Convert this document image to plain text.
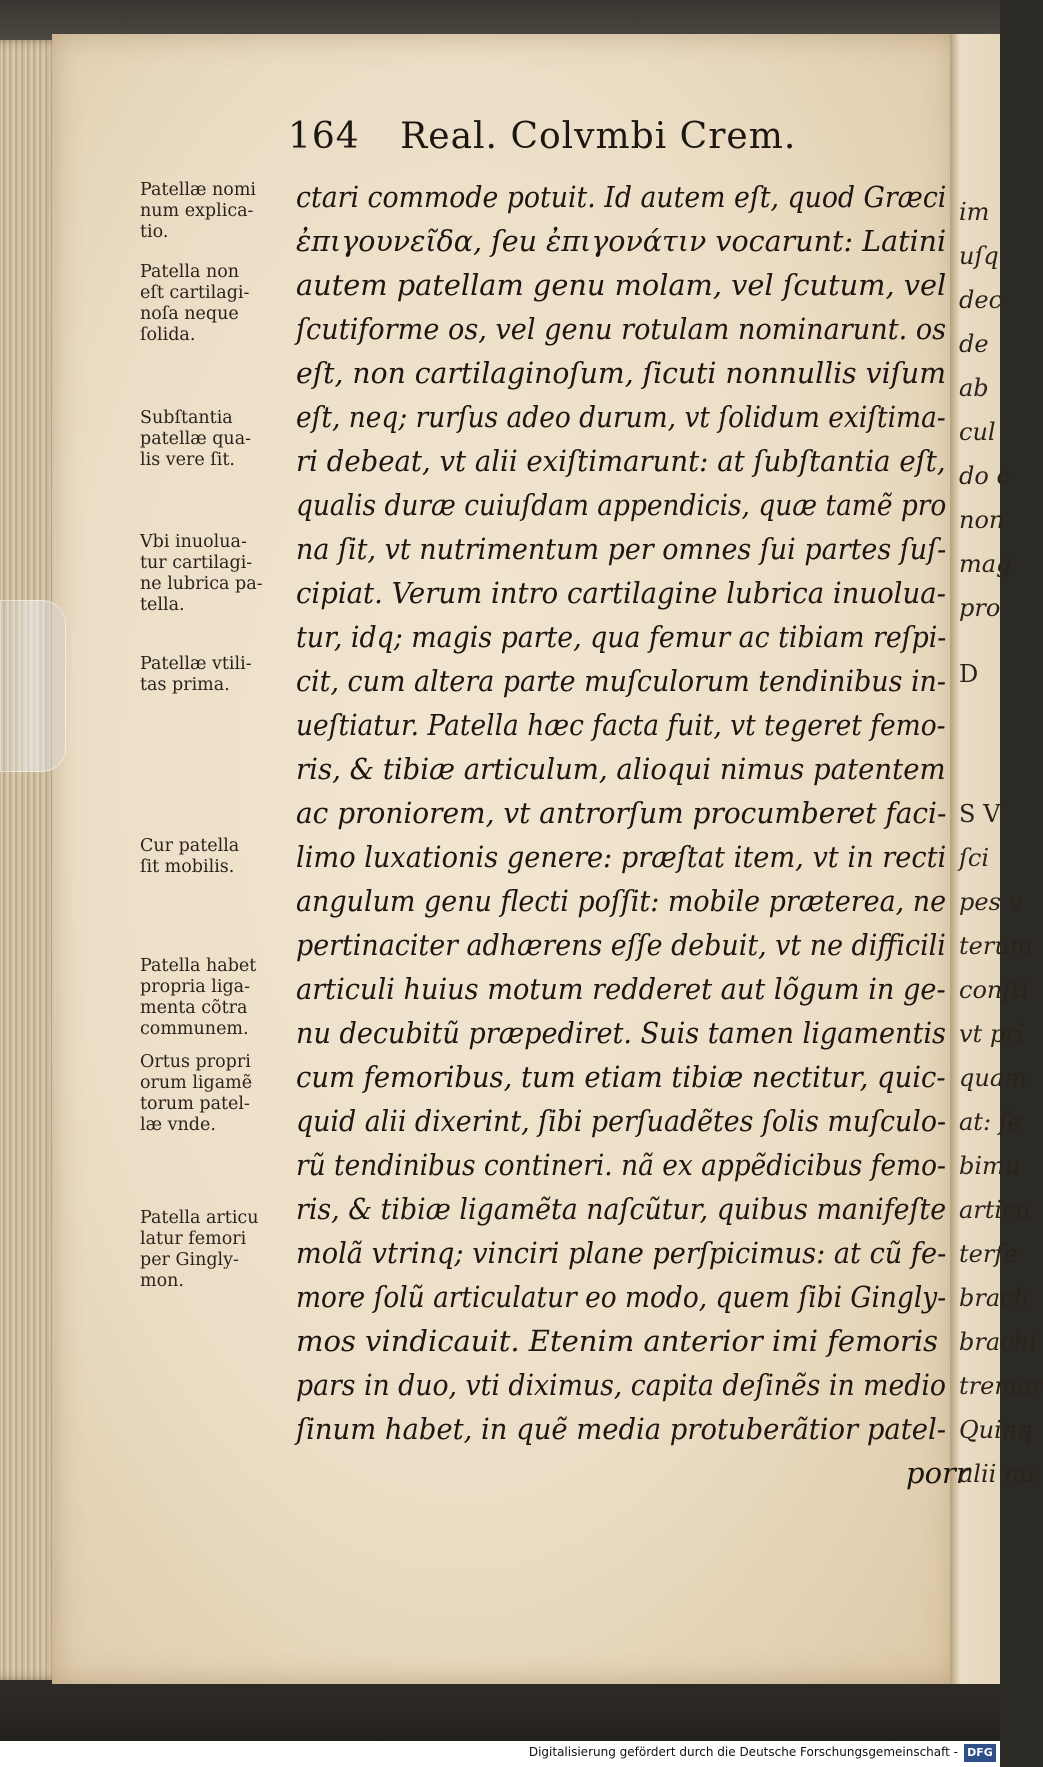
164 Real. Colvmbi Crem.
Patellæ nomi
num explica-
tio.
Patella non
eſt cartilagi-
noſa neque
ſolida.
Subſtantia
patellæ qua-
lis vere ſit.
Vbi inuolua-
tur cartilagi-
ne lubrica pa-
tella.
Patellæ vtili-
tas prima.
Cur patella
ſit mobilis.
Patella habet
propria liga-
menta cõtra
communem.
Ortus propri
orum ligamẽ
torum patel-
læ vnde.
Patella articu
latur femori
per Gingly-
mon.
ctari commode potuit. Id autem eſt, quod Græci
ἐπιγουνεῖδα, ſeu ἐπιγονάτιν vocarunt: Latini
autem patellam genu molam, vel ſcutum, vel
ſcutiforme os, vel genu rotulam nominarunt. os
eſt, non cartilaginoſum, ſicuti nonnullis viſum
eſt, neq; rurſus adeo durum, vt ſolidum exiſtima-
ri debeat, vt alii exiſtimarunt: at ſubſtantia eſt,
qualis duræ cuiuſdam appendicis, quæ tamẽ pro
na ſit, vt nutrimentum per omnes ſui partes ſuſ-
cipiat. Verum intro cartilagine lubrica inuolua-
tur, idq; magis parte, qua femur ac tibiam reſpi-
cit, cum altera parte muſculorum tendinibus in-
ueſtiatur. Patella hæc facta fuit, vt tegeret femo-
ris, & tibiæ articulum, alioqui nimus patentem
ac proniorem, vt antrorſum procumberet faci-
limo luxationis genere: præſtat item, vt in recti
angulum genu flecti poſſit: mobile præterea, ne
pertinaciter adhærens eſſe debuit, vt ne difficili
articuli huius motum redderet aut lõgum in ge-
nu decubitũ præpediret. Suis tamen ligamentis
cum femoribus, tum etiam tibiæ nectitur, quic-
quid alii dixerint, ſibi perſuadẽtes ſolis muſculo-
rũ tendinibus contineri. nã ex appẽdicibus femo-
ris, & tibiæ ligamẽta naſcũtur, quibus manifeſte
molã vtrinq; vinciri plane perſpicimus: at cũ fe-
more ſolũ articulatur eo modo, quem ſibi Gingly-
mos vindicauit. Etenim anterior imi femoris
pars in duo, vti diximus, capita deſinẽs in medio
ſinum habet, in quẽ media protuberãtior patel-
porr
im
uſq
dec
de
ab
cul
do c
non
mag
pro
D
S V
ſci
pes v
terum
conſti
vt pri
quam
at: ſe
bimu
articu
terſe
brach
brachi
tremar
Quinq
alii nu
Digitalisierung gefördert durch die Deutsche Forschungsgemeinschaft - DFG
